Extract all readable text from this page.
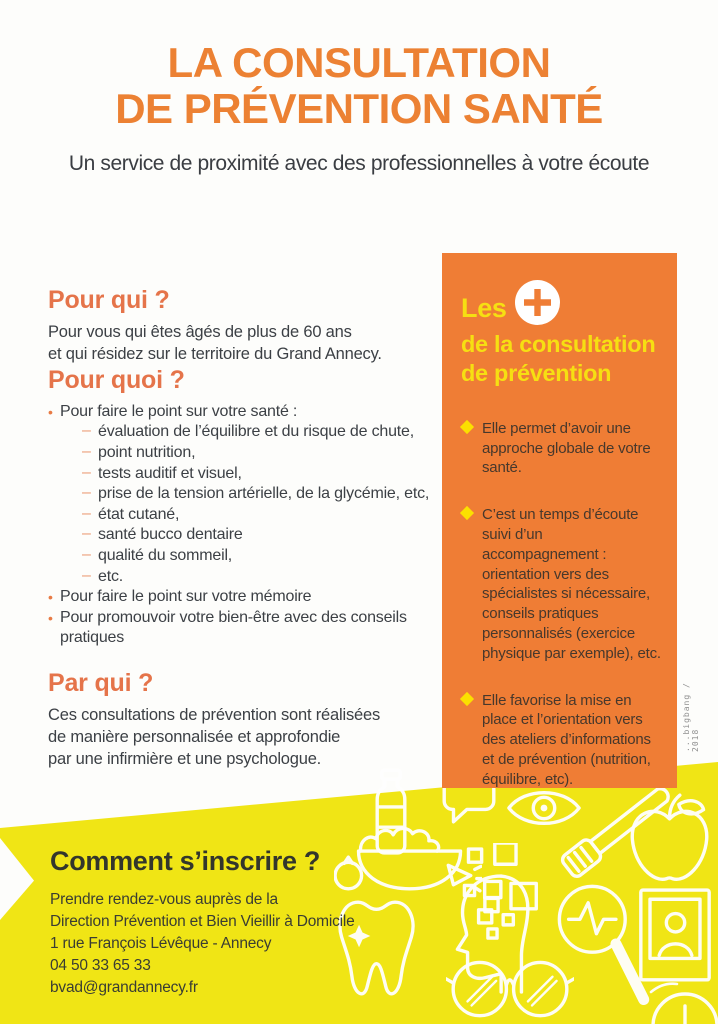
LA CONSULTATION
DE PRÉVENTION SANTÉ
Un service de proximité avec des professionnelles à votre écoute
Pour qui ?
Pour vous qui êtes âgés de plus de 60 ans
et qui résidez sur le territoire du Grand Annecy.
Pour quoi ?
• Pour faire le point sur votre santé :
– évaluation de l’équilibre et du risque de chute,
– point nutrition,
– tests auditif et visuel,
– prise de la tension artérielle, de la glycémie, etc,
– état cutané,
– santé bucco dentaire
– qualité du sommeil,
– etc.
• Pour faire le point sur votre mémoire
• Pour promouvoir votre bien-être avec des conseils pratiques
Par qui ?
Ces consultations de prévention sont réalisées
de manière personnalisée et approfondie
par une infirmière et une psychologue.
Les
de la consultation
de prévention
Elle permet d’avoir une approche globale de votre santé.
C’est un temps d’écoute suivi d’un accompagnement : orientation vers des spécialistes si nécessaire, conseils pratiques personnalisés (exercice physique par exemple), etc.
Elle favorise la mise en place et l’orientation vers des ateliers d’informations et de prévention (nutrition, équilibre, etc).
...bigbang / 2018
Comment s’inscrire ?
Prendre rendez-vous auprès de la
Direction Prévention et Bien Vieillir à Domicile
1 rue François Lévêque - Annecy
04 50 33 65 33
bvad@grandannecy.fr
